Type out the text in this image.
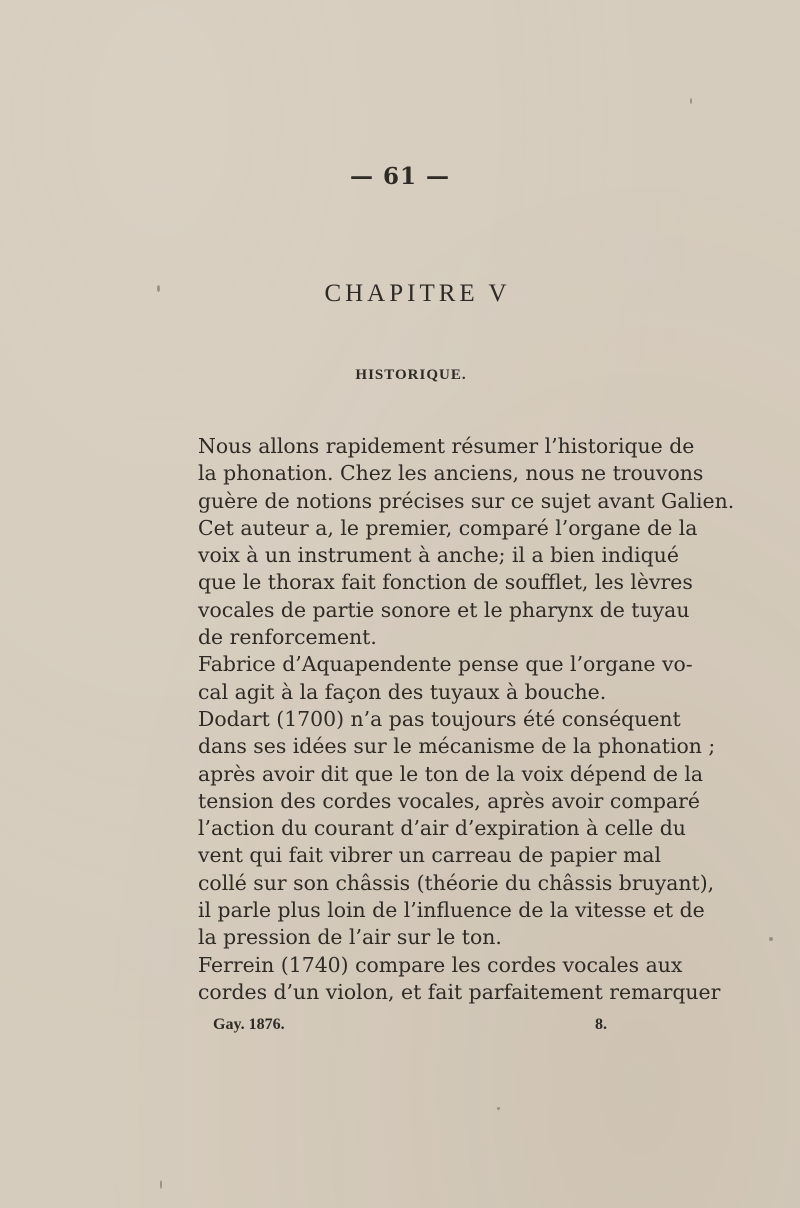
— 61 —
CHAPITRE V
HISTORIQUE.
Nous allons rapidement résumer l’historique de
la phonation. Chez les anciens, nous ne trouvons
guère de notions précises sur ce sujet avant Galien.
Cet auteur a, le premier, comparé l’organe de la
voix à un instrument à anche; il a bien indiqué
que le thorax fait fonction de soufflet, les lèvres
vocales de partie sonore et le pharynx de tuyau
de renforcement.
Fabrice d’Aquapendente pense que l’organe vo-
cal agit à la façon des tuyaux à bouche.
Dodart (1700) n’a pas toujours été conséquent
dans ses idées sur le mécanisme de la phonation ;
après avoir dit que le ton de la voix dépend de la
tension des cordes vocales, après avoir comparé
l’action du courant d’air d’expiration à celle du
vent qui fait vibrer un carreau de papier mal
collé sur son châssis (théorie du châssis bruyant),
il parle plus loin de l’influence de la vitesse et de
la pression de l’air sur le ton.
Ferrein (1740) compare les cordes vocales aux
cordes d’un violon, et fait parfaitement remarquer
Gay. 1876.	8.
